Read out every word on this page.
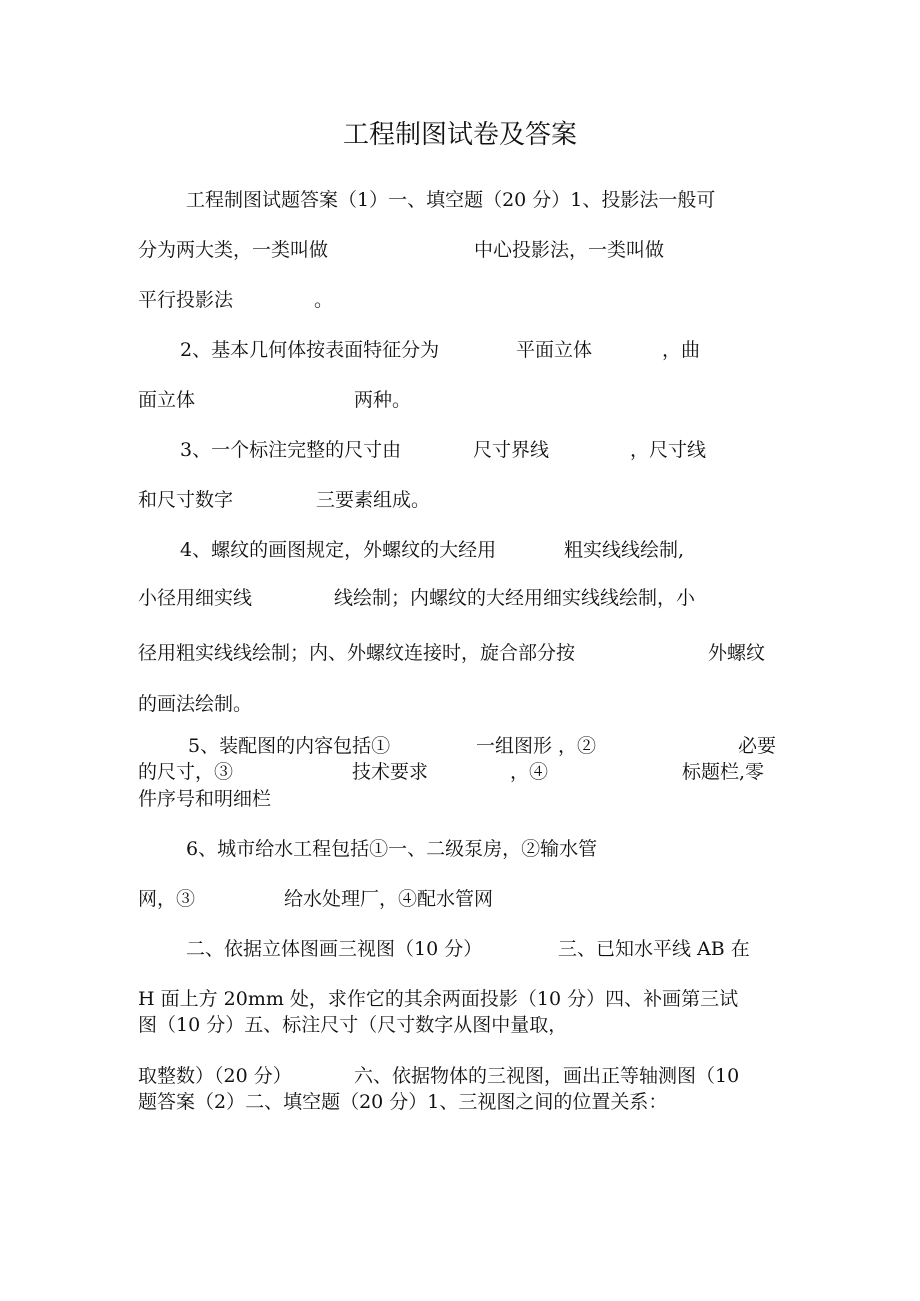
工程制图试卷及答案
工程制图试题答案（1）一、填空题（20 分）1、投影法一般可
分为两大类，一类叫做	中心投影法，一类叫做
平行投影法	。
2、基本几何体按表面特征分为	平面立体	，曲
面立体	两种。
3、一个标注完整的尺寸由	尺寸界线	，尺寸线
和尺寸数字	三要素组成。
4、螺纹的画图规定，外螺纹的大经用	粗实线线绘制,
小径用细实线	线绘制；内螺纹的大经用细实线线绘制，小
径用粗实线线绘制；内、外螺纹连接时，旋合部分按	外螺纹
的画法绘制。
5、装配图的内容包括①	一组图形 ，②	必要
的尺寸，③	技术要求	，④	标题栏,零
件序号和明细栏
6、城市给水工程包括①一、二级泵房，②输水管
网，③	给水处理厂，④配水管网
二、依据立体图画三视图（10 分）	三、已知水平线 AB 在
H 面上方 20mm 处，求作它的其余两面投影（10 分）四、补画第三试
图（10 分）五、标注尺寸（尺寸数字从图中量取，
取整数）（20 分）	六、依据物体的三视图，画出正等轴测图（10
题答案（2）二、填空题（20 分）1、三视图之间的位置关系：
